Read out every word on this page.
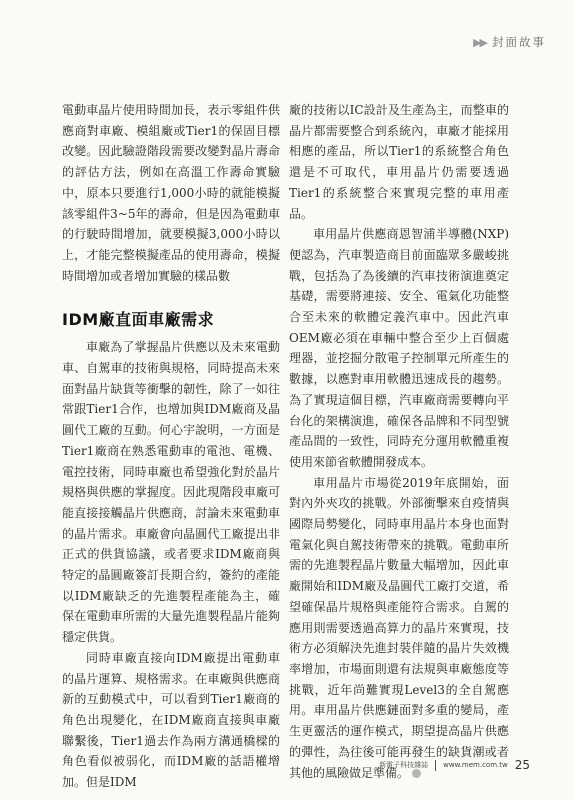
▶▶ 封面故事

電動車晶片使用時間加長，表示零組件供應商對車廠、模組廠或Tier1的保固目標改變。因此驗證階段需要改變對晶片壽命的評估方法，例如在高溫工作壽命實驗中，原本只要進行1,000小時的就能模擬該零組件3~5年的壽命，但是因為電動車的行駛時間增加，就要模擬3,000小時以上，才能完整模擬產品的使用壽命，模擬時間增加或者增加實驗的樣品數

IDM廠直面車廠需求

車廠為了掌握晶片供應以及未來電動車、自駕車的技術與規格，同時提高未來面對晶片缺貨等衝擊的韌性，除了一如往常跟Tier1合作，也增加與IDM廠商及晶圓代工廠的互動。何心宇說明，一方面是Tier1廠商在熟悉電動車的電池、電機、電控技術，同時車廠也希望強化對於晶片規格與供應的掌握度。因此現階段車廠可能直接接觸晶片供應商，討論未來電動車的晶片需求。車廠會向晶圓代工廠提出非正式的供貨協議，或者要求IDM廠商與特定的晶圓廠簽訂長期合約，簽約的產能以IDM廠缺乏的先進製程產能為主，確保在電動車所需的大量先進製程晶片能夠穩定供貨。

同時車廠直接向IDM廠提出電動車的晶片運算、規格需求。在車廠與供應商新的互動模式中，可以看到Tier1廠商的角色出現變化，在IDM廠商直接與車廠聯繫後，Tier1過去作為兩方溝通橋樑的角色看似被弱化，而IDM廠的話語權增加。但是IDM

廠的技術以IC設計及生產為主，而整車的晶片都需要整合到系統內，車廠才能採用相應的產品，所以Tier1的系統整合角色還是不可取代，車用晶片仍需要透過Tier1的系統整合來實現完整的車用產品。

車用晶片供應商恩智浦半導體(NXP)便認為，汽車製造商目前面臨眾多嚴峻挑戰，包括為了為後續的汽車技術演進奠定基礎，需要將連接、安全、電氣化功能整合至未來的軟體定義汽車中。因此汽車OEM廠必須在車輛中整合至少上百個處理器，並挖掘分散電子控制單元所產生的數據，以應對車用軟體迅速成長的趨勢。為了實現這個目標，汽車廠商需要轉向平台化的架構演進，確保各品牌和不同型號產品間的一致性，同時充分運用軟體重複使用來節省軟體開發成本。

車用晶片市場從2019年底開始，面對內外夾攻的挑戰。外部衝擊來自疫情與國際局勢變化，同時車用晶片本身也面對電氣化與自駕技術帶來的挑戰。電動車所需的先進製程晶片數量大幅增加，因此車廠開始和IDM廠及晶圓代工廠打交道，希望確保晶片規格與產能符合需求。自駕的應用則需要透過高算力的晶片來實現，技術方必須解決先進封裝伴隨的晶片失效機率增加，市場面則還有法規與車廠態度等挑戰，近年尚難實現Level3的全自駕應用。車用晶片供應鏈面對多重的變局，產生更靈活的運作模式，期望提高晶片供應的彈性，為往後可能再發生的缺貨潮或者其他的風險做足準備。

新電子科技雜誌 www.mem.com.tw 25
